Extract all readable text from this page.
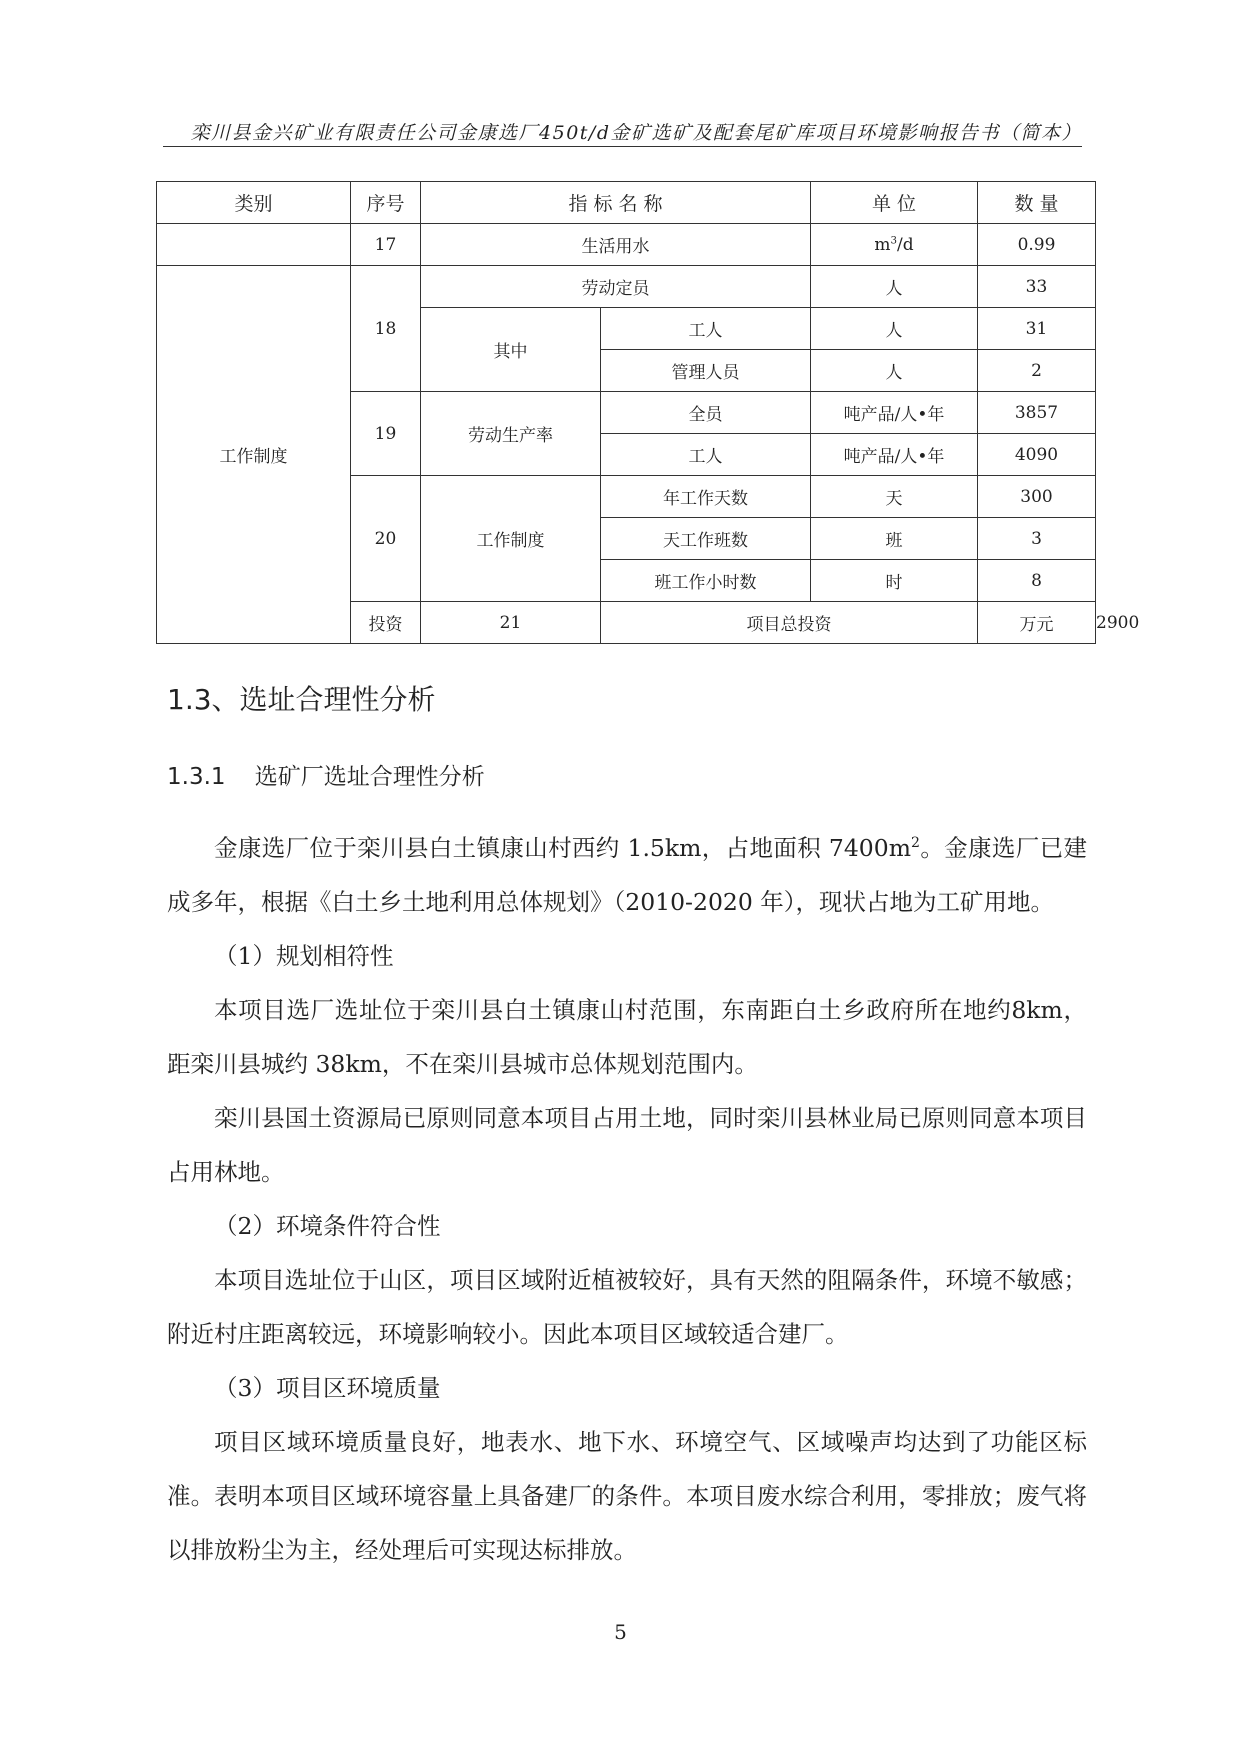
栾川县金兴矿业有限责任公司金康选厂450t/d金矿选矿及配套尾矿库项目环境影响报告书（简本）
类别	序号	指 标 名 称		单 位	数 量	
	17	生活用水		$m^3/d$	0.99	
工作制度	18	劳动定员		人	33	
		其中	工人	人	31	
			管理人员	人	2	
	19	劳动生产率	全员	吨产品/人•年	3857	
			工人	吨产品/人•年	4090	
	20	工作制度	年工作天数	天	300	
			天工作班数	班	3	
			班工作小时数	时	8	
	投资	21	项目总投资		万元	2900
1.3、选址合理性分析
1.3.1    选矿厂选址合理性分析

金康选厂位于栾川县白土镇康山村西约 1.5km，占地面积 $7400m^2$。金康选厂已建成多年，根据《白土乡土地利用总体规划》（2010-2020 年），现状占地为工矿用地。

（1）规划相符性

本项目选厂选址位于栾川县白土镇康山村范围，东南距白土乡政府所在地约8km，距栾川县城约 38km，不在栾川县城市总体规划范围内。

栾川县国土资源局已原则同意本项目占用土地，同时栾川县林业局已原则同意本项目占用林地。

（2）环境条件符合性

本项目选址位于山区，项目区域附近植被较好，具有天然的阻隔条件，环境不敏感；附近村庄距离较远，环境影响较小。因此本项目区域较适合建厂。

（3）项目区环境质量

项目区域环境质量良好，地表水、地下水、环境空气、区域噪声均达到了功能区标准。表明本项目区域环境容量上具备建厂的条件。本项目废水综合利用，零排放；废气将以排放粉尘为主，经处理后可实现达标排放。

5
